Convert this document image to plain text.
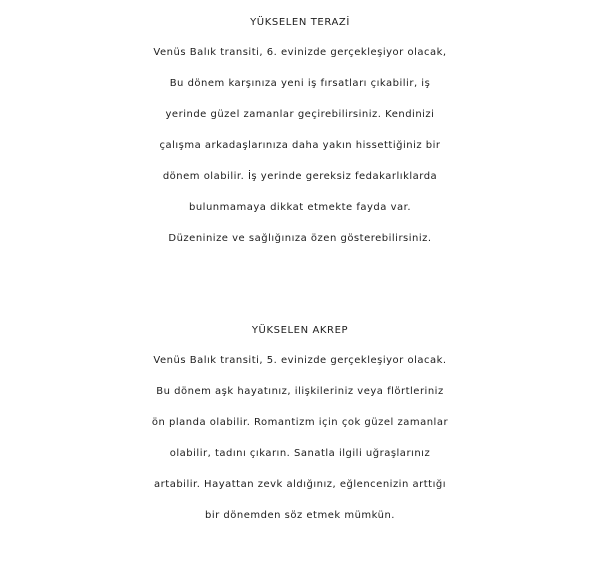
YÜKSELEN TERAZİ

Venüs Balık transiti, 6. evinizde gerçekleşiyor olacak,

Bu dönem karşınıza yeni iş fırsatları çıkabilir, iş

yerinde güzel zamanlar geçirebilirsiniz. Kendinizi

çalışma arkadaşlarınıza daha yakın hissettiğiniz bir

dönem olabilir. İş yerinde gereksiz fedakarlıklarda

bulunmamaya dikkat etmekte fayda var.

Düzeninize ve sağlığınıza özen gösterebilirsiniz.

YÜKSELEN AKREP

Venüs Balık transiti, 5. evinizde gerçekleşiyor olacak.

Bu dönem aşk hayatınız, ilişkileriniz veya flörtleriniz

ön planda olabilir. Romantizm için çok güzel zamanlar

olabilir, tadını çıkarın. Sanatla ilgili uğraşlarınız

artabilir. Hayattan zevk aldığınız, eğlencenizin arttığı

bir dönemden söz etmek mümkün.
